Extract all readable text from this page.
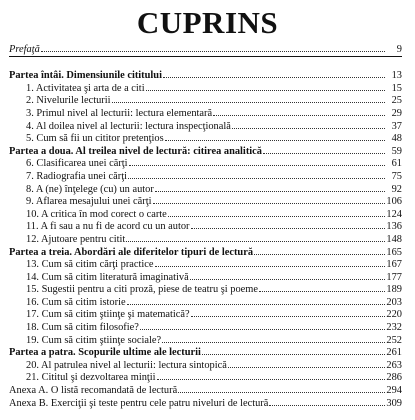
CUPRINS
Prefaţă	9
Partea întâi. Dimensiunile cititului	13
1. Activitatea şi arta de a citi	15
2. Nivelurile lecturii	25
3. Primul nivel al lecturii: lectura elementară	29
4. Al doilea nivel al lecturii: lectura inspecţională	37
5. Cum să fii un cititor pretenţios	48
Partea a doua. Al treilea nivel de lectură: citirea analitică	59
6. Clasificarea unei cărţi	61
7. Radiografia unei cărţi	75
8. A (ne) înţelege (cu) un autor	92
9. Aflarea mesajului unei cărţi	106
10. A critica în mod corect o carte	124
11. A fi sau a nu fi de acord cu un autor	136
12. Ajutoare pentru citit	148
Partea a treia. Abordări ale diferitelor tipuri de lectură	165
13. Cum să citim cărţi practice	167
14. Cum să citim literatură imaginativă	177
15. Sugestii pentru a citi proză, piese de teatru şi poeme	189
16. Cum să citim istorie	203
17. Cum să citim ştiinţe şi matematică?	220
18. Cum să citim filosofie?	232
19. Cum să citim ştiinţe sociale?	252
Partea a patra. Scopurile ultime ale lecturii	261
20. Al patrulea nivel al lecturii: lectura sintopică	263
21. Cititul şi dezvoltarea minţii	286
Anexa A. O listă recomandată de lectură	294
Anexa B. Exerciţii şi teste pentru cele patru niveluri de lectură	309
